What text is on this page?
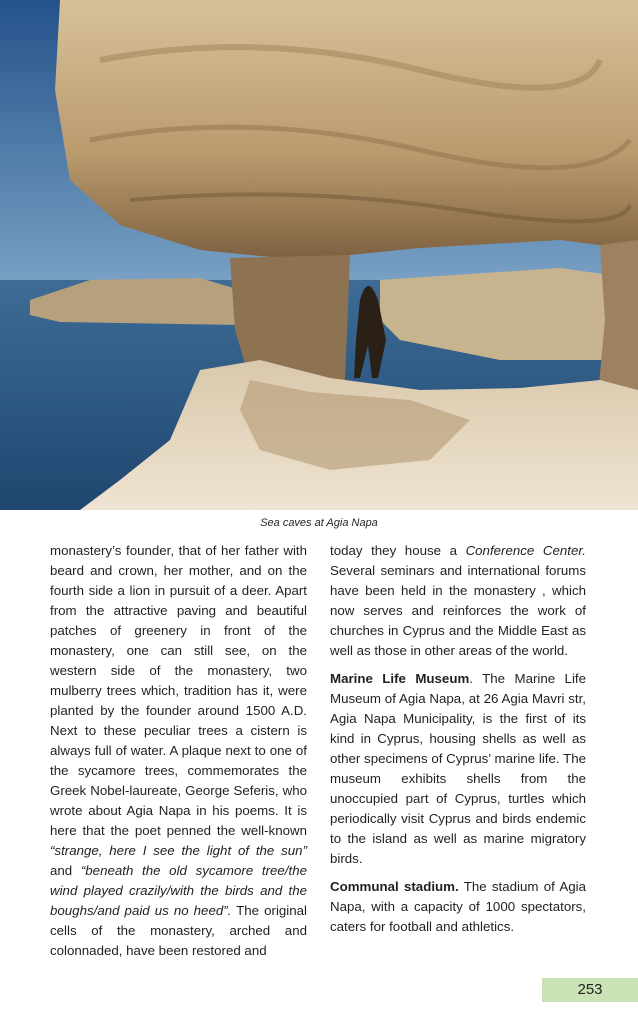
Sea caves at Agia Napa

monastery’s founder, that of her father with beard and crown, her mother, and on the fourth side a lion in pursuit of a deer. Apart from the attractive paving and beautiful patches of greenery in front of the monastery, one can still see, on the western side of the monastery, two mulberry trees which, tradition has it, were planted by the founder around 1500 A.D. Next to these peculiar trees a cistern is always full of water. A plaque next to one of the sycamore trees, commemorates the Greek Nobel-laureate, George Seferis, who wrote about Agia Napa in his poems. It is here that the poet penned the well-known “strange, here I see the light of the sun” and “beneath the old sycamore tree/the wind played crazily/with the birds and the boughs/and paid us no heed”. The original cells of the monastery, arched and colonnaded, have been restored and

today they house a Conference Center. Several seminars and international forums have been held in the monastery , which now serves and reinforces the work of churches in Cyprus and the Middle East as well as those in other areas of the world.

Marine Life Museum. The Marine Life Museum of Agia Napa, at 26 Agia Mavri str, Agia Napa Municipality, is the first of its kind in Cyprus, housing shells as well as other specimens of Cyprus’ marine life. The museum exhibits shells from the unoccupied part of Cyprus, turtles which periodically visit Cyprus and birds endemic to the island as well as marine migratory birds.

Communal stadium. The stadium of Agia Napa, with a capacity of 1000 spectators, caters for football and athletics.

253
